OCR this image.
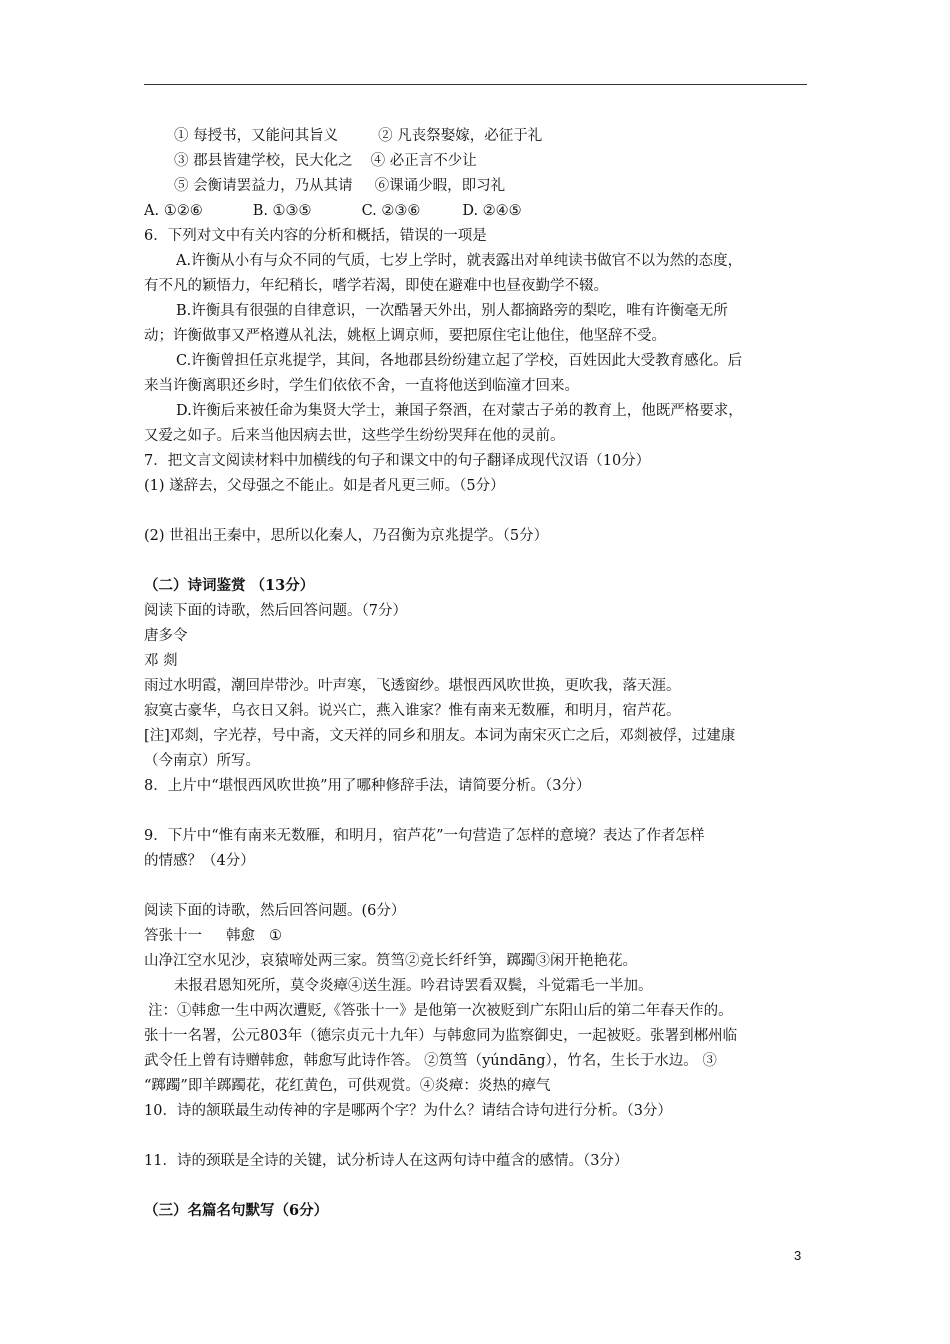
① 每授书，又能问其旨义	② 凡丧祭娶嫁，必征于礼
③ 郡县皆建学校，民大化之 ④ 必正言不少让
⑤ 会衡请罢益力，乃从其请 ⑥课诵少暇，即习礼
A. ①②⑥	B. ①③⑤	C. ②③⑥	D. ②④⑤
6．下列对文中有关内容的分析和概括，错误的一项是
A.许衡从小有与众不同的气质，七岁上学时，就表露出对单纯读书做官不以为然的态度，
有不凡的颖悟力，年纪稍长，嗜学若渴，即使在避难中也昼夜勤学不辍。
B.许衡具有很强的自律意识，一次酷暑天外出，别人都摘路旁的梨吃，唯有许衡毫无所
动；许衡做事又严格遵从礼法，姚枢上调京师，要把原住宅让他住，他坚辞不受。
C.许衡曾担任京兆提学，其间，各地郡县纷纷建立起了学校，百姓因此大受教育感化。后
来当许衡离职还乡时，学生们依依不舍，一直将他送到临潼才回来。
D.许衡后来被任命为集贤大学士，兼国子祭酒，在对蒙古子弟的教育上，他既严格要求，
又爱之如子。后来当他因病去世，这些学生纷纷哭拜在他的灵前。
7．把文言文阅读材料中加横线的句子和课文中的句子翻译成现代汉语（10分）
(1) 遂辞去，父母强之不能止。如是者凡更三师。（5分）
(2) 世祖出王秦中，思所以化秦人，乃召衡为京兆提学。（5分）
（二）诗词鉴赏 （13分）
阅读下面的诗歌，然后回答问题。（7分）
唐多令
邓 剡
雨过水明霞，潮回岸带沙。叶声寒，飞透窗纱。堪恨西风吹世换，更吹我，落天涯。
寂寞古豪华，乌衣日又斜。说兴亡，燕入谁家？惟有南来无数雁，和明月，宿芦花。
[注]邓剡，字光荐，号中斋，文天祥的同乡和朋友。本词为南宋灭亡之后，邓剡被俘，过建康
（今南京）所写。
8．上片中“堪恨西风吹世换”用了哪种修辞手法，请简要分析。（3分）
9．下片中“惟有南来无数雁，和明月，宿芦花”一句营造了怎样的意境？表达了作者怎样
的情感？（4分）
阅读下面的诗歌，然后回答问题。(6分）
答张十一 韩愈 ①
山净江空水见沙，哀猿啼处两三家。筼筜②竞长纤纤笋，踯躅③闲开艳艳花。
未报君恩知死所，莫令炎瘴④送生涯。吟君诗罢看双鬓，斗觉霜毛一半加。
注：①韩愈一生中两次遭贬,《答张十一》是他第一次被贬到广东阳山后的第二年春天作的。
张十一名署，公元803年（德宗贞元十九年）与韩愈同为监察御史，一起被贬。张署到郴州临
武令任上曾有诗赠韩愈，韩愈写此诗作答。 ②筼筜（yúndāng），竹名，生长于水边。 ③
“踯躅”即羊踯躅花，花红黄色，可供观赏。④炎瘴：炎热的瘴气
10．诗的颔联最生动传神的字是哪两个字？为什么？请结合诗句进行分析。（3分）
11．诗的颈联是全诗的关键，试分析诗人在这两句诗中蕴含的感情。（3分）
（三）名篇名句默写（6分）
3
